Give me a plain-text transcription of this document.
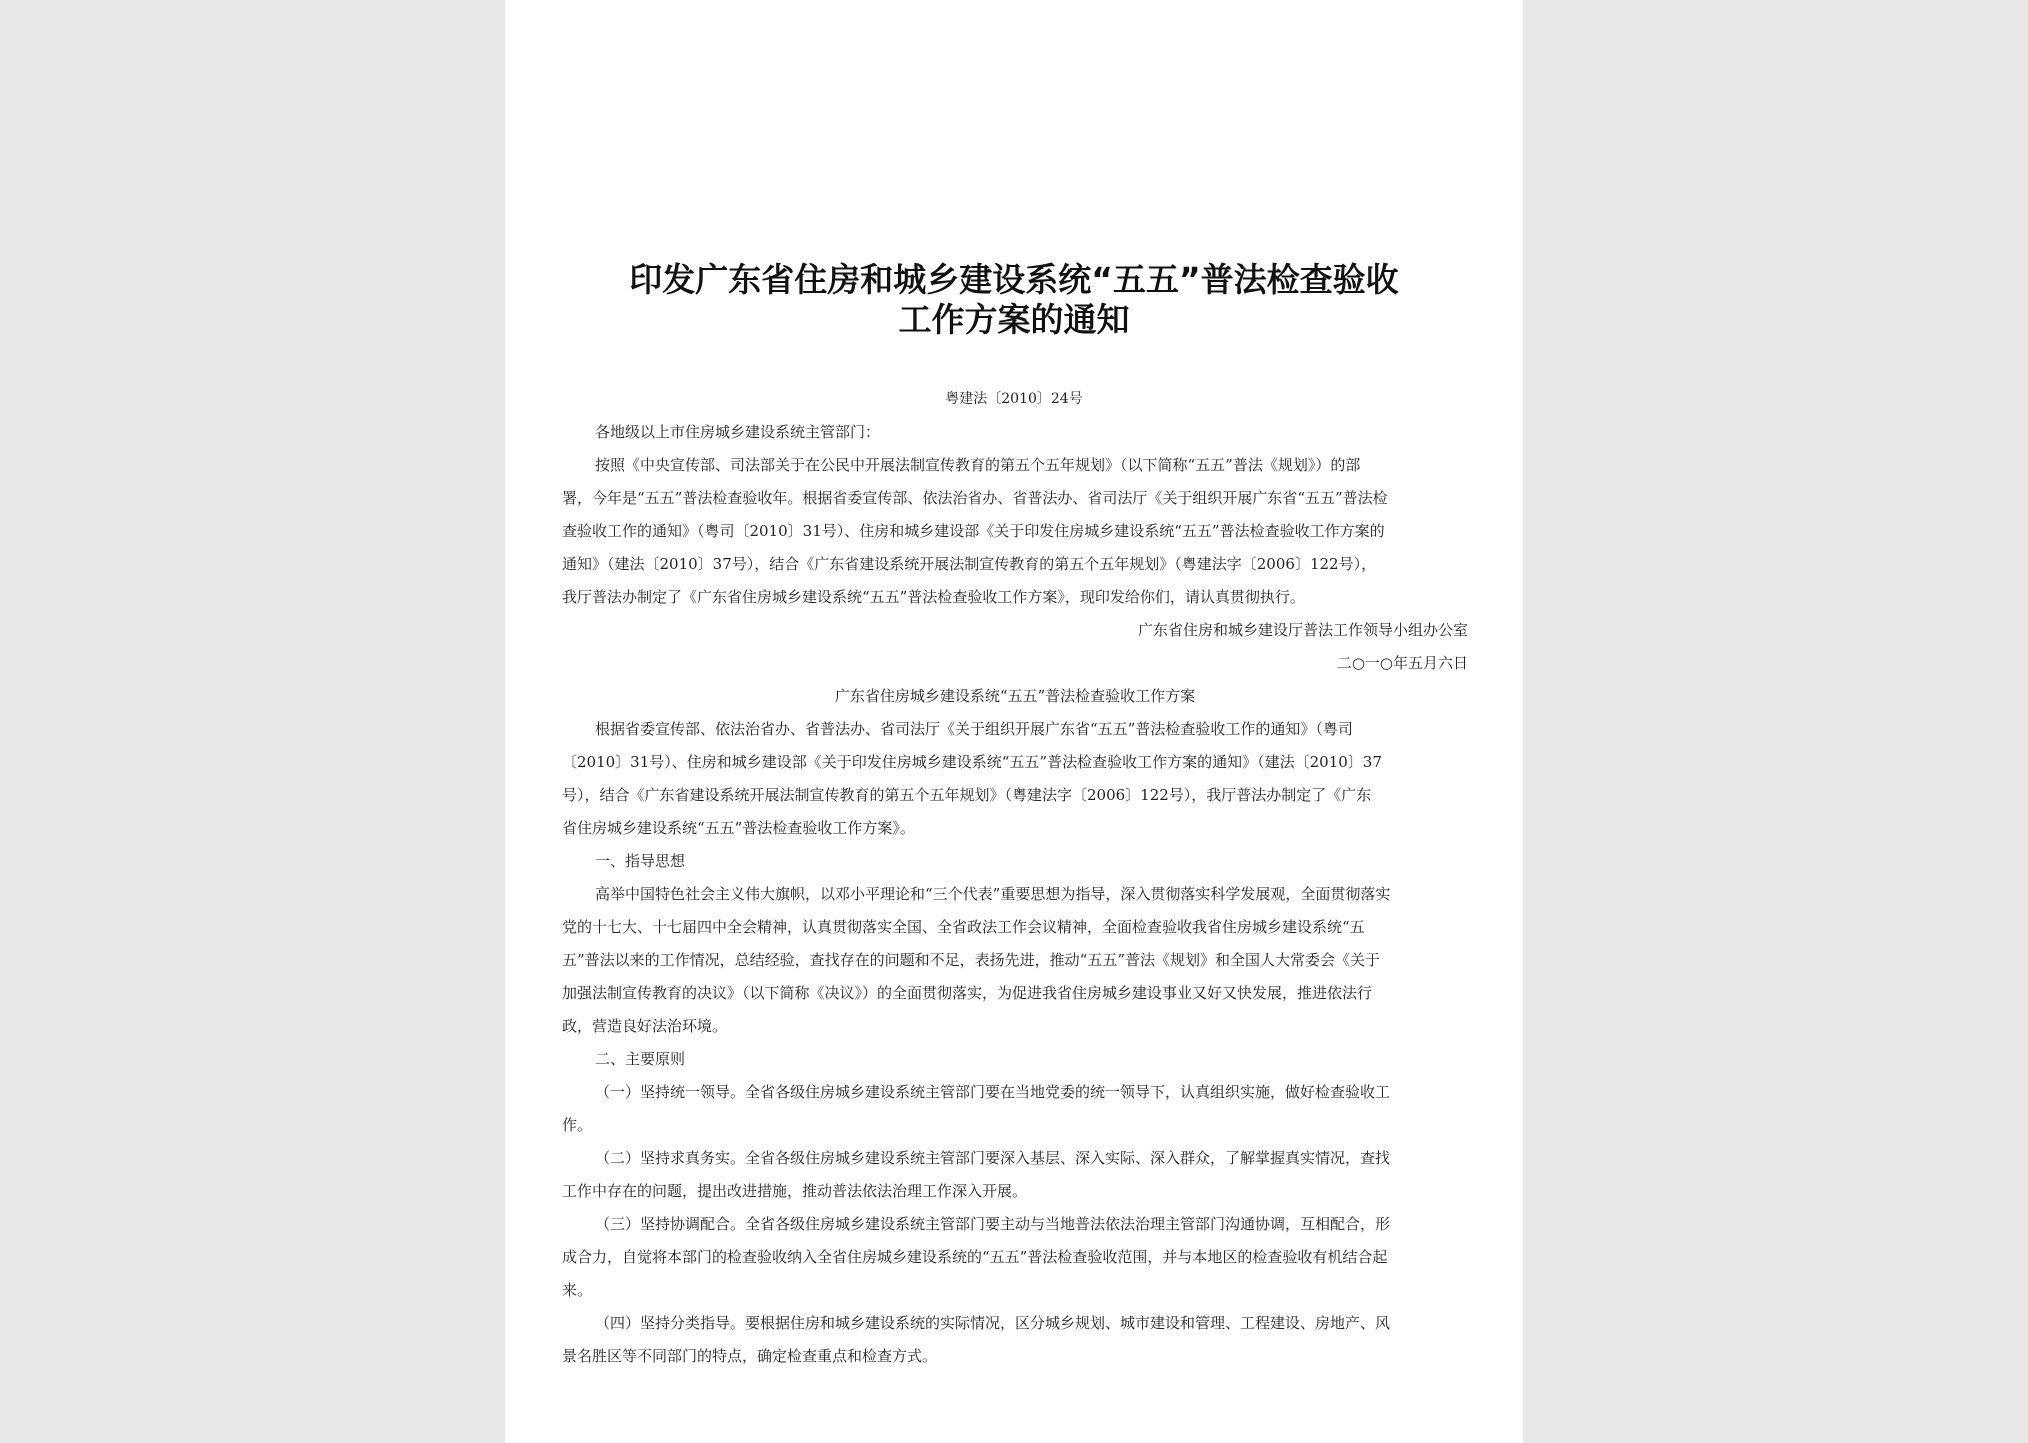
印发广东省住房和城乡建设系统“五五”普法检查验收
工作方案的通知
粤建法〔2010〕24号
各地级以上市住房城乡建设系统主管部门：
按照《中央宣传部、司法部关于在公民中开展法制宣传教育的第五个五年规划》（以下简称“五五”普法《规划》）的部
署，今年是“五五”普法检查验收年。根据省委宣传部、依法治省办、省普法办、省司法厅《关于组织开展广东省“五五”普法检
查验收工作的通知》（粤司〔2010〕31号）、住房和城乡建设部《关于印发住房城乡建设系统“五五”普法检查验收工作方案的
通知》（建法〔2010〕37号），结合《广东省建设系统开展法制宣传教育的第五个五年规划》（粤建法字〔2006〕122号），
我厅普法办制定了《广东省住房城乡建设系统“五五”普法检查验收工作方案》，现印发给你们，请认真贯彻执行。
广东省住房和城乡建设厅普法工作领导小组办公室
二○一○年五月六日
广东省住房城乡建设系统“五五”普法检查验收工作方案
根据省委宣传部、依法治省办、省普法办、省司法厅《关于组织开展广东省“五五”普法检查验收工作的通知》（粤司
〔2010〕31号）、住房和城乡建设部《关于印发住房城乡建设系统“五五”普法检查验收工作方案的通知》（建法〔2010〕37
号），结合《广东省建设系统开展法制宣传教育的第五个五年规划》（粤建法字〔2006〕122号），我厅普法办制定了《广东
省住房城乡建设系统“五五”普法检查验收工作方案》。
一、指导思想
高举中国特色社会主义伟大旗帜，以邓小平理论和“三个代表”重要思想为指导，深入贯彻落实科学发展观，全面贯彻落实
党的十七大、十七届四中全会精神，认真贯彻落实全国、全省政法工作会议精神，全面检查验收我省住房城乡建设系统“五
五”普法以来的工作情况，总结经验，查找存在的问题和不足，表扬先进，推动“五五”普法《规划》和全国人大常委会《关于
加强法制宣传教育的决议》（以下简称《决议》）的全面贯彻落实，为促进我省住房城乡建设事业又好又快发展，推进依法行
政，营造良好法治环境。
二、主要原则
（一）坚持统一领导。全省各级住房城乡建设系统主管部门要在当地党委的统一领导下，认真组织实施，做好检查验收工
作。
（二）坚持求真务实。全省各级住房城乡建设系统主管部门要深入基层、深入实际、深入群众，了解掌握真实情况，查找
工作中存在的问题，提出改进措施，推动普法依法治理工作深入开展。
（三）坚持协调配合。全省各级住房城乡建设系统主管部门要主动与当地普法依法治理主管部门沟通协调，互相配合，形
成合力，自觉将本部门的检查验收纳入全省住房城乡建设系统的“五五”普法检查验收范围，并与本地区的检查验收有机结合起
来。
（四）坚持分类指导。要根据住房和城乡建设系统的实际情况，区分城乡规划、城市建设和管理、工程建设、房地产、风
景名胜区等不同部门的特点，确定检查重点和检查方式。
